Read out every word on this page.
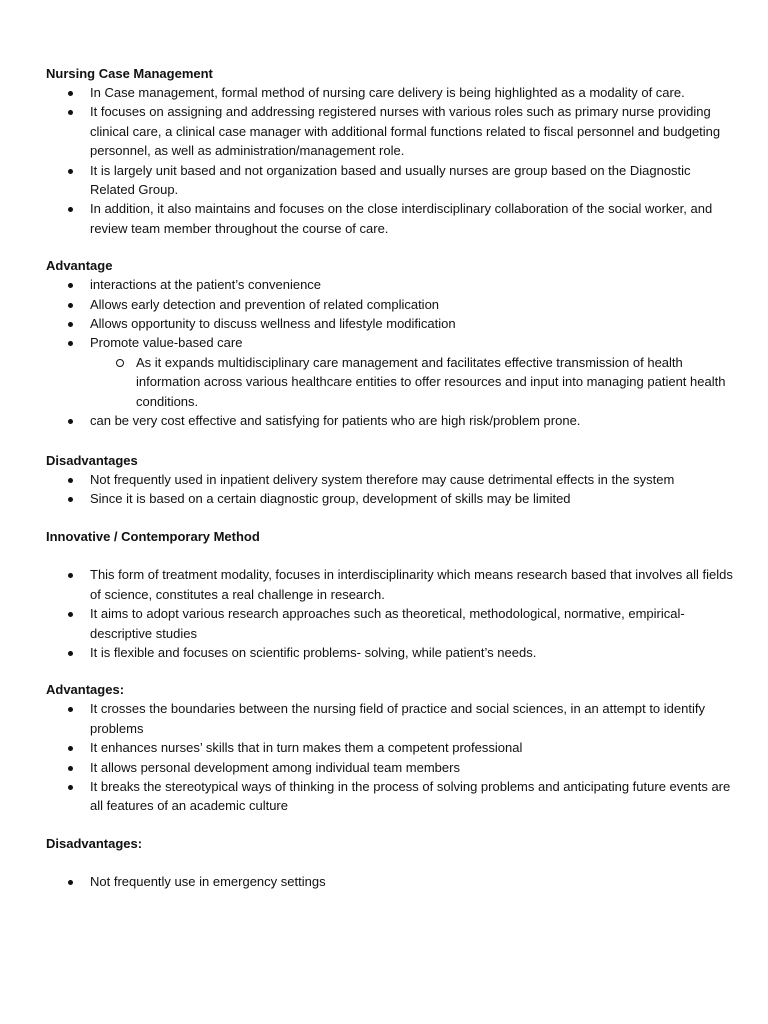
Nursing Case Management

In Case management, formal method of nursing care delivery is being highlighted as a modality of care.
It focuses on assigning and addressing registered nurses with various roles such as primary nurse providing clinical care, a clinical case manager with additional formal functions related to fiscal personnel and budgeting personnel, as well as administration/management role.
It is largely unit based and not organization based and usually nurses are group based on the Diagnostic Related Group.
In addition, it also maintains and focuses on the close interdisciplinary collaboration of the social worker, and review team member throughout the course of care.

Advantage

interactions at the patient’s convenience
Allows early detection and prevention of related complication
Allows opportunity to discuss wellness and lifestyle modification
Promote value-based care
As it expands multidisciplinary care management and facilitates effective transmission of health information across various healthcare entities to offer resources and input into managing patient health conditions.
can be very cost effective and satisfying for patients who are high risk/problem prone.

Disadvantages

Not frequently used in inpatient delivery system therefore may cause detrimental effects in the system
Since it is based on a certain diagnostic group, development of skills may be limited

Innovative / Contemporary Method

This form of treatment modality, focuses in interdisciplinarity which means research based that involves all fields of science, constitutes a real challenge in research.
It aims to adopt various research approaches such as theoretical, methodological, normative, empirical-descriptive studies
It is flexible and focuses on scientific problems- solving, while patient’s needs.

Advantages:

It crosses the boundaries between the nursing field of practice and social sciences, in an attempt to identify problems
It enhances nurses’ skills that in turn makes them a competent professional
It allows personal development among individual team members
It breaks the stereotypical ways of thinking in the process of solving problems and anticipating future events are all features of an academic culture

Disadvantages:

Not frequently use in emergency settings
